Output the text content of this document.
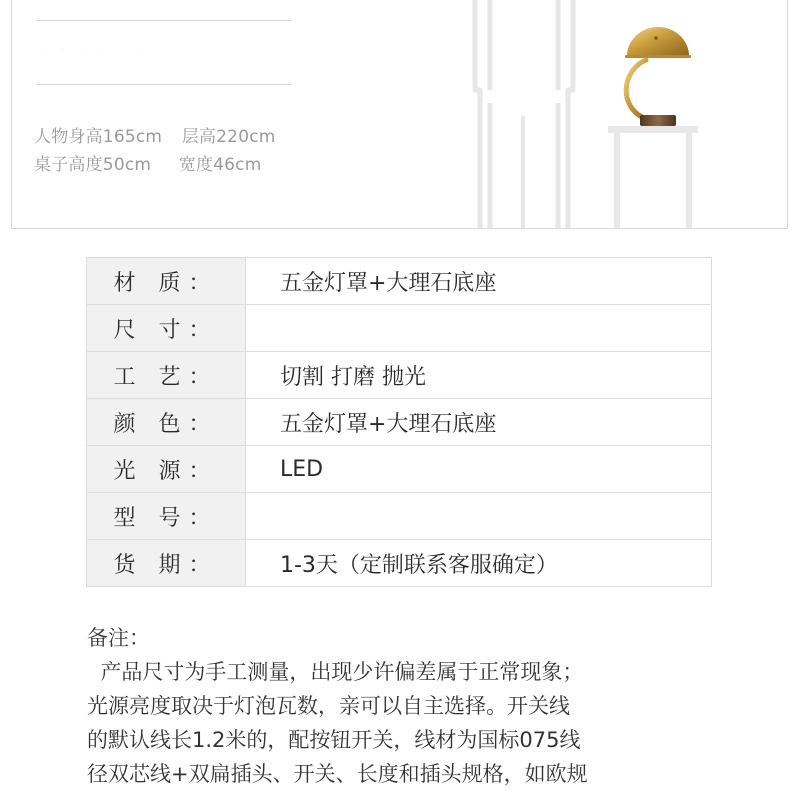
‧ ‧ ‧ ‧ ‧ ‧
人物身高165cm 层高220cm
桌子高度50cm 宽度46cm
材 质：	五金灯罩+大理石底座
尺 寸：	
工 艺：	切割 打磨 抛光
颜 色：	五金灯罩+大理石底座
光 源：	LED
型 号：	
货 期：	1-3天（定制联系客服确定）
备注：
产品尺寸为手工测量，出现少许偏差属于正常现象；
光源亮度取决于灯泡瓦数，亲可以自主选择。开关线
的默认线长1.2米的，配按钮开关，线材为国标075线
径双芯线+双扁插头、开关、长度和插头规格，如欧规
